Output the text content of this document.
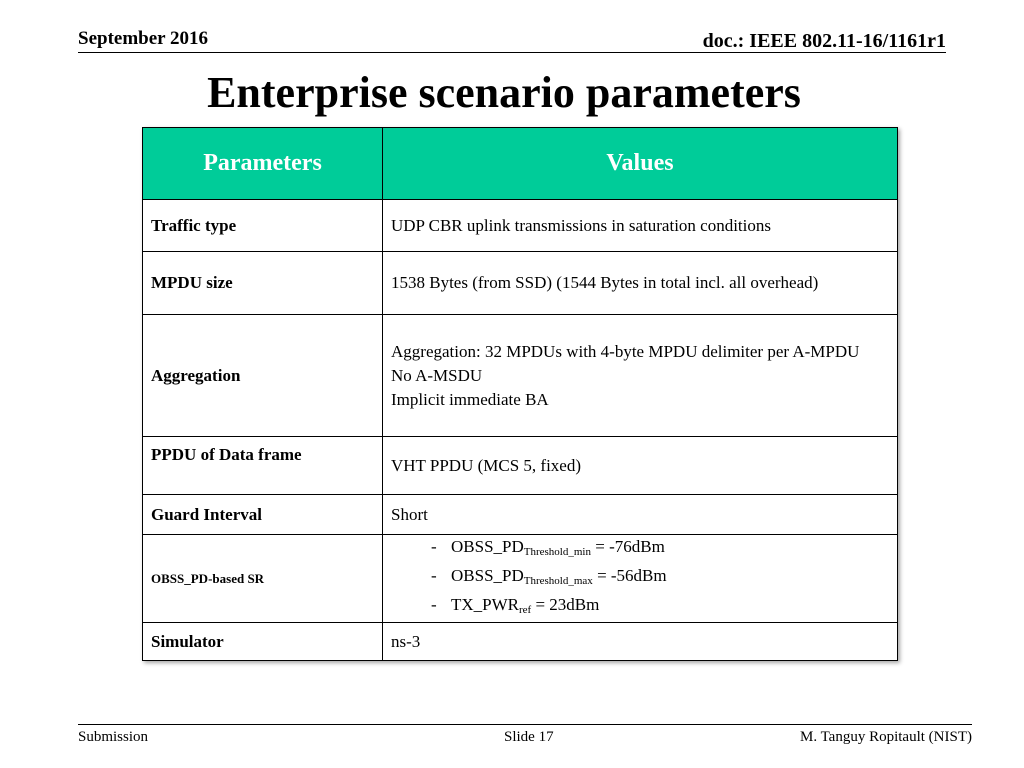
September 2016	doc.: IEEE 802.11-16/1161r1
Enterprise scenario parameters
Parameters	Values
Traffic type	UDP CBR uplink transmissions in saturation conditions
MPDU size	1538 Bytes (from SSD) (1544 Bytes in total incl. all overhead)
Aggregation	Aggregation: 32 MPDUs with 4-byte MPDU delimiter per A-MPDU
No A-MSDU
Implicit immediate BA

PPDU of Data frame	VHT PPDU (MCS 5, fixed)
Guard Interval	Short
OBSS_PD-based SR	- $OBSS\_PD_{Threshold\_min} = -76dBm$
- $OBSS\_PD_{Threshold\_max} = -56dBm$
- $TX\_PWR_{ref} = 23dBm$

Simulator	ns-3
Submission	Slide 17	M. Tanguy Ropitault (NIST)
